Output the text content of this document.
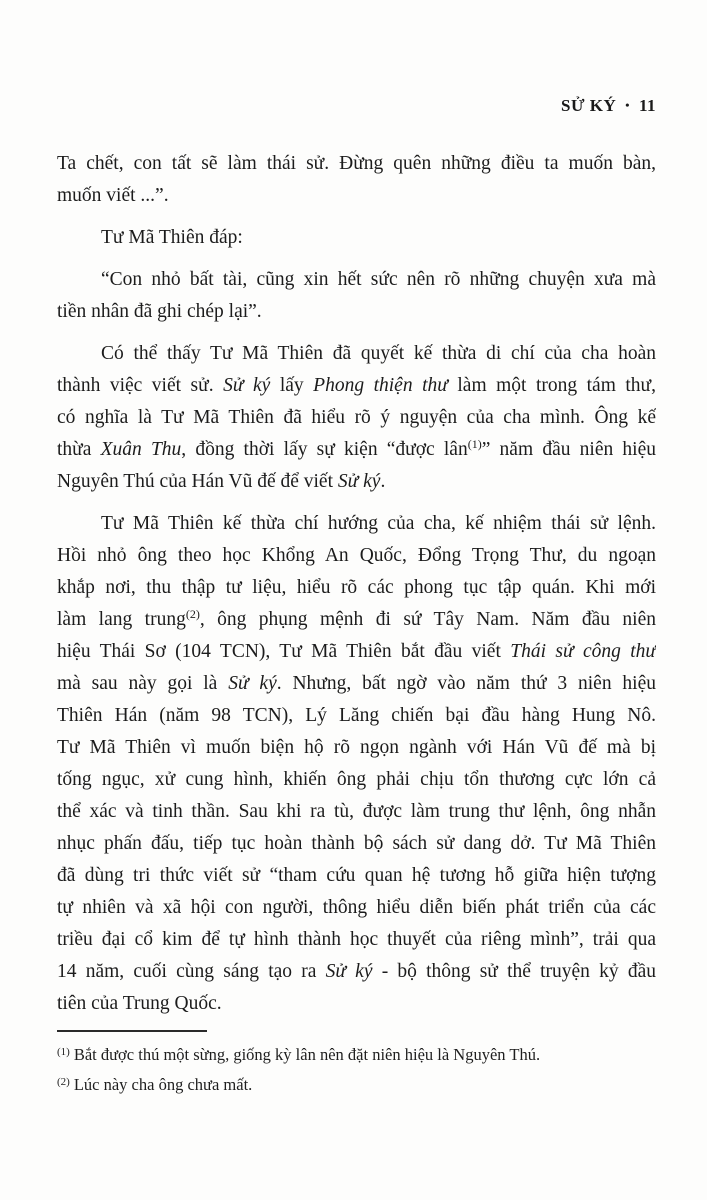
SỬ KÝ • 11
Ta chết, con tất sẽ làm thái sử. Đừng quên những điều ta muốn bàn,
muốn viết ...”.
Tư Mã Thiên đáp:
“Con nhỏ bất tài, cũng xin hết sức nên rõ những chuyện xưa mà
tiền nhân đã ghi chép lại”.
Có thể thấy Tư Mã Thiên đã quyết kế thừa di chí của cha hoàn
thành việc viết sử. Sử ký lấy Phong thiện thư làm một trong tám thư,
có nghĩa là Tư Mã Thiên đã hiểu rõ ý nguyện của cha mình. Ông kế
thừa Xuân Thu, đồng thời lấy sự kiện “được lân$^{(1)}$” năm đầu niên hiệu
Nguyên Thú của Hán Vũ đế để viết Sử ký.
Tư Mã Thiên kế thừa chí hướng của cha, kế nhiệm thái sử lệnh.
Hồi nhỏ ông theo học Khổng An Quốc, Đổng Trọng Thư, du ngoạn
khắp nơi, thu thập tư liệu, hiểu rõ các phong tục tập quán. Khi mới
làm lang trung$^{(2)}$, ông phụng mệnh đi sứ Tây Nam. Năm đầu niên
hiệu Thái Sơ (104 TCN), Tư Mã Thiên bắt đầu viết Thái sử công thư
mà sau này gọi là Sử ký. Nhưng, bất ngờ vào năm thứ 3 niên hiệu
Thiên Hán (năm 98 TCN), Lý Lăng chiến bại đầu hàng Hung Nô.
Tư Mã Thiên vì muốn biện hộ rõ ngọn ngành với Hán Vũ đế mà bị
tống ngục, xử cung hình, khiến ông phải chịu tổn thương cực lớn cả
thể xác và tinh thần. Sau khi ra tù, được làm trung thư lệnh, ông nhẫn
nhục phấn đấu, tiếp tục hoàn thành bộ sách sử dang dở. Tư Mã Thiên
đã dùng tri thức viết sử “tham cứu quan hệ tương hỗ giữa hiện tượng
tự nhiên và xã hội con người, thông hiểu diễn biến phát triển của các
triều đại cổ kim để tự hình thành học thuyết của riêng mình”, trải qua
14 năm, cuối cùng sáng tạo ra Sử ký - bộ thông sử thể truyện kỷ đầu
tiên của Trung Quốc.
$^{(1)}$ Bắt được thú một sừng, giống kỳ lân nên đặt niên hiệu là Nguyên Thú.
$^{(2)}$ Lúc này cha ông chưa mất.
